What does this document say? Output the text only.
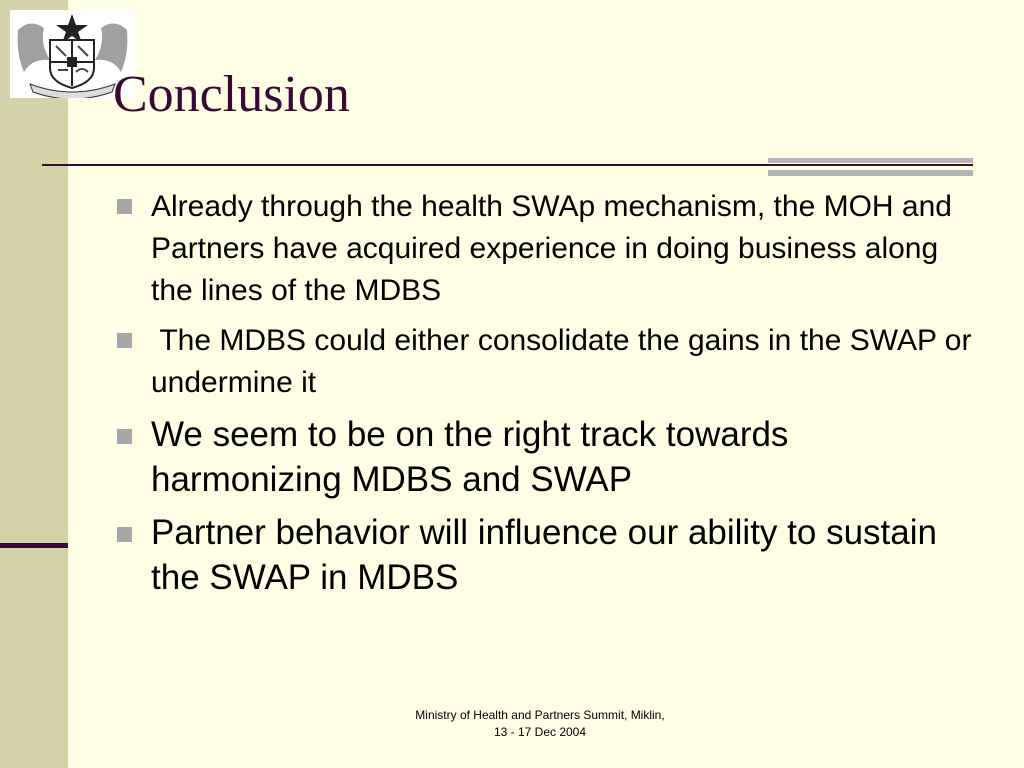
Conclusion
Already through the health SWAp mechanism, the MOH and Partners have acquired experience in doing business along the lines of the MDBS
The MDBS could either consolidate the gains in the SWAP or undermine it
We seem to be on the right track towards harmonizing MDBS and SWAP
Partner behavior will influence our ability to sustain the SWAP in MDBS
Ministry of Health and Partners Summit, Miklin,
13 - 17 Dec 2004
